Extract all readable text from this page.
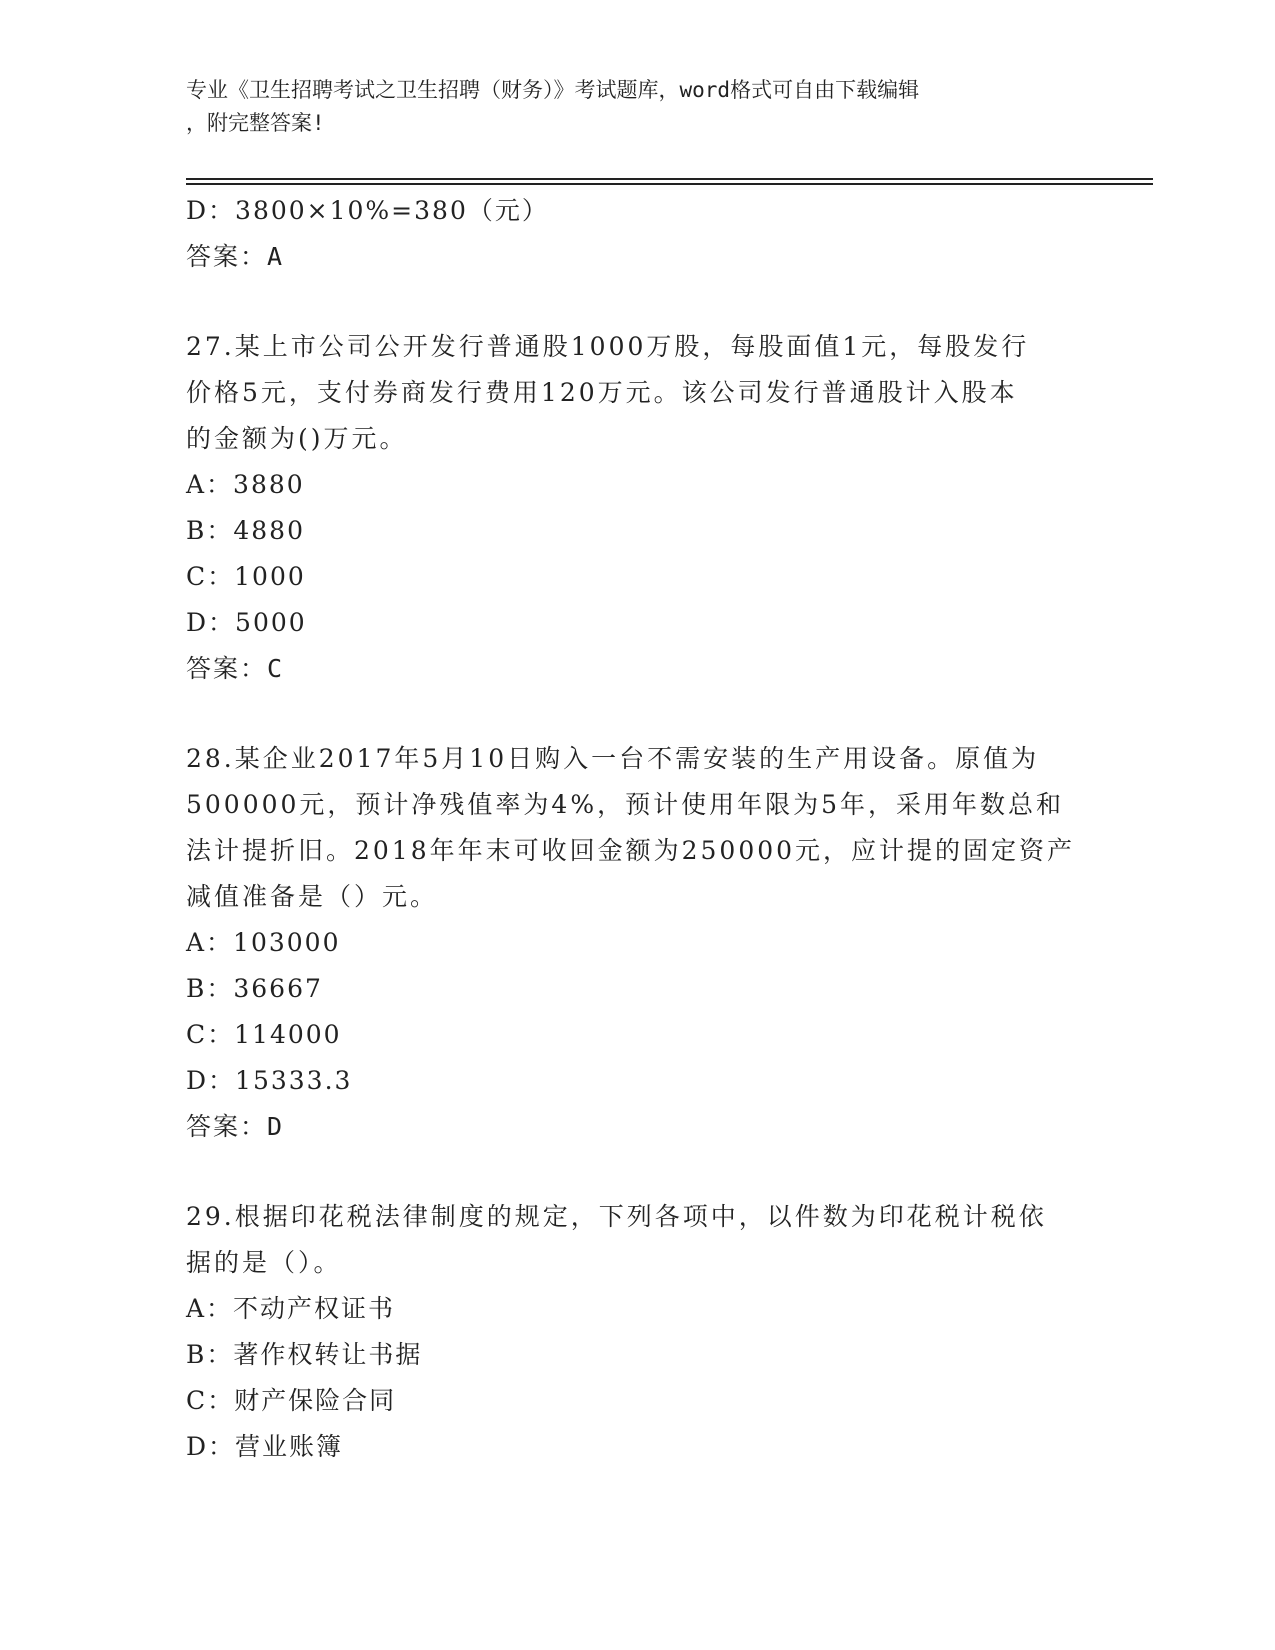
专业《卫生招聘考试之卫生招聘（财务）》考试题库，word格式可自由下载编辑
，附完整答案!
D：3800×10%=380（元）
答案：A
27.某上市公司公开发行普通股1000万股，每股面值1元，每股发行
价格5元，支付券商发行费用120万元。该公司发行普通股计入股本
的金额为()万元。
A：3880
B：4880
C：1000
D：5000
答案：C
28.某企业2017年5月10日购入一台不需安装的生产用设备。原值为
500000元，预计净残值率为4%，预计使用年限为5年，采用年数总和
法计提折旧。2018年年末可收回金额为250000元，应计提的固定资产
减值准备是（）元。
A：103000
B：36667
C：114000
D：15333.3
答案：D
29.根据印花税法律制度的规定，下列各项中，以件数为印花税计税依
据的是（）。
A：不动产权证书
B：著作权转让书据
C：财产保险合同
D：营业账簿
